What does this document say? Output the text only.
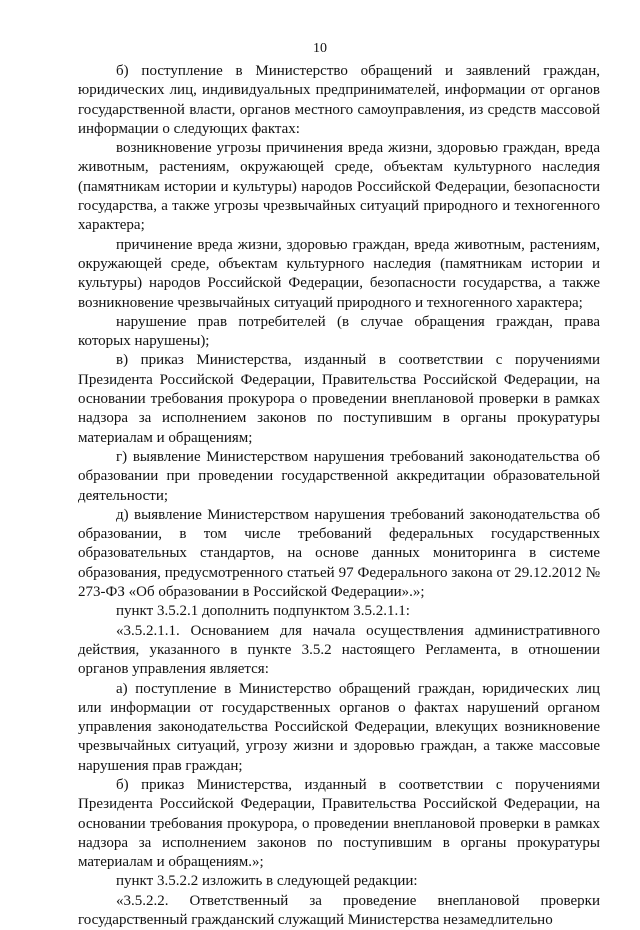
10

б) поступление в Министерство обращений и заявлений граждан, юридических лиц, индивидуальных предпринимателей, информации от органов государственной власти, органов местного самоуправления, из средств массовой информации о следующих фактах:

возникновение угрозы причинения вреда жизни, здоровью граждан, вреда животным, растениям, окружающей среде, объектам культурного наследия (памятникам истории и культуры) народов Российской Федерации, безопасности государства, а также угрозы чрезвычайных ситуаций природного и техногенного характера;

причинение вреда жизни, здоровью граждан, вреда животным, растениям, окружающей среде, объектам культурного наследия (памятникам истории и культуры) народов Российской Федерации, безопасности государства, а также возникновение чрезвычайных ситуаций природного и техногенного характера;

нарушение прав потребителей (в случае обращения граждан, права которых нарушены);

в) приказ Министерства, изданный в соответствии с поручениями Президента Российской Федерации, Правительства Российской Федерации, на основании требования прокурора о проведении внеплановой проверки в рамках надзора за исполнением законов по поступившим в органы прокуратуры материалам и обращениям;

г) выявление Министерством нарушения требований законодательства об образовании при проведении государственной аккредитации образовательной деятельности;

д) выявление Министерством нарушения требований законодательства об образовании, в том числе требований федеральных государственных образовательных стандартов, на основе данных мониторинга в системе образования, предусмотренного статьей 97 Федерального закона от 29.12.2012 № 273-ФЗ «Об образовании в Российской Федерации».»;

пункт 3.5.2.1 дополнить подпунктом 3.5.2.1.1:

«3.5.2.1.1. Основанием для начала осуществления административного действия, указанного в пункте 3.5.2 настоящего Регламента, в отношении органов управления является:

а) поступление в Министерство обращений граждан, юридических лиц или информации от государственных органов о фактах нарушений органом управления законодательства Российской Федерации, влекущих возникновение чрезвычайных ситуаций, угрозу жизни и здоровью граждан, а также массовые нарушения прав граждан;

б) приказ Министерства, изданный в соответствии с поручениями Президента Российской Федерации, Правительства Российской Федерации, на основании требования прокурора, о проведении внеплановой проверки в рамках надзора за исполнением законов по поступившим в органы прокуратуры материалам и обращениям.»;

пункт 3.5.2.2 изложить в следующей редакции:

«3.5.2.2. Ответственный за проведение внеплановой проверки государственный гражданский служащий Министерства незамедлительно
